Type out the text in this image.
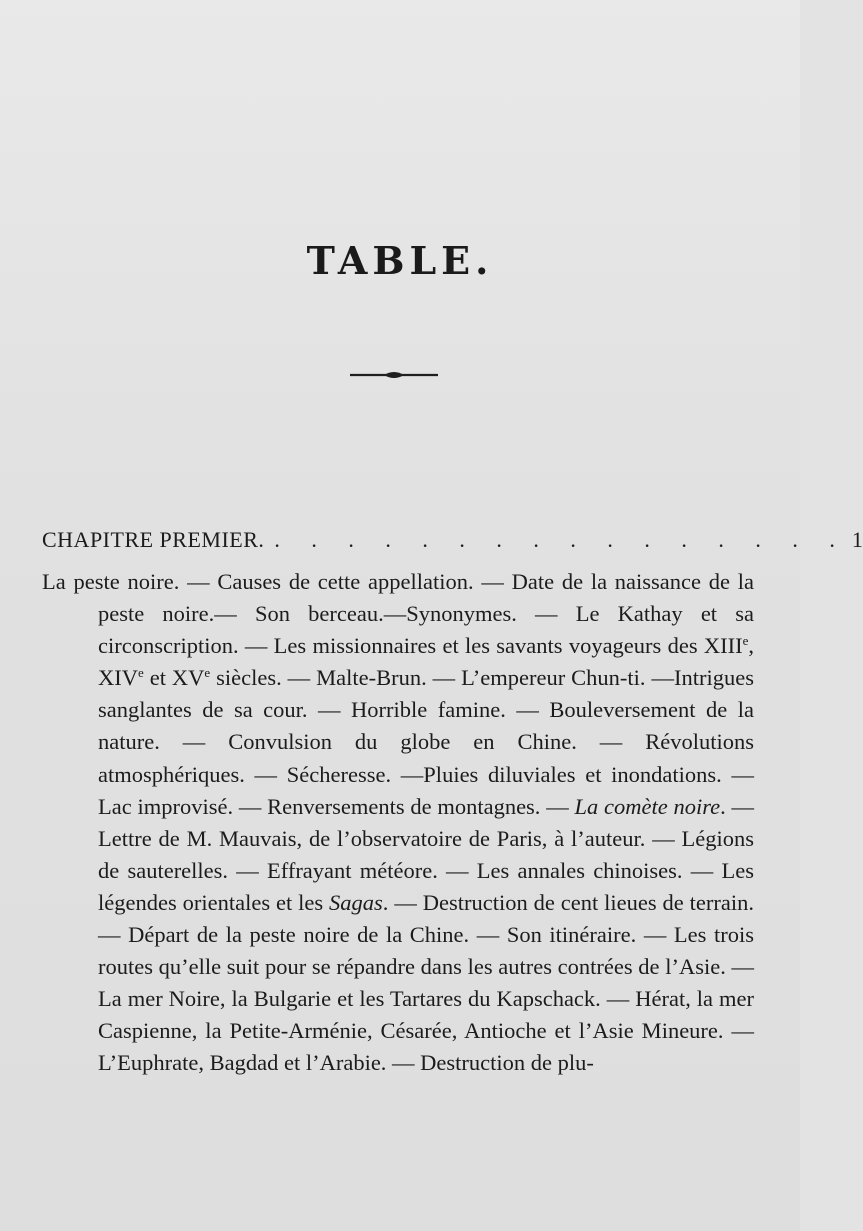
TABLE.
CHAPITRE PREMIER. . . . . . . . . . . . . . . . . 1

La peste noire. — Causes de cette appellation. — Date de la naissance de la peste noire.— Son berceau.—Synonymes. — Le Kathay et sa circonscription. — Les missionnaires et les savants voyageurs des XIIIe, XIVe et XVe siècles. — Malte-Brun. — L’empereur Chun-ti. —Intrigues sanglantes de sa cour. — Horrible famine. — Bouleversement de la nature. — Convulsion du globe en Chine. — Révolutions atmosphériques. — Sécheresse. —Pluies diluviales et inondations. — Lac improvisé. — Renversements de montagnes. — La comète noire. — Lettre de M. Mauvais, de l’observatoire de Paris, à l’auteur. — Légions de sauterelles. — Effrayant météore. — Les annales chinoises. — Les légendes orientales et les Sagas. — Destruction de cent lieues de terrain. — Départ de la peste noire de la Chine. — Son itinéraire. — Les trois routes qu’elle suit pour se répandre dans les autres contrées de l’Asie. — La mer Noire, la Bulgarie et les Tartares du Kapschack. — Hérat, la mer Caspienne, la Petite-Arménie, Césarée, Antioche et l’Asie Mineure. — L’Euphrate, Bagdad et l’Arabie. — Destruction de plu-
